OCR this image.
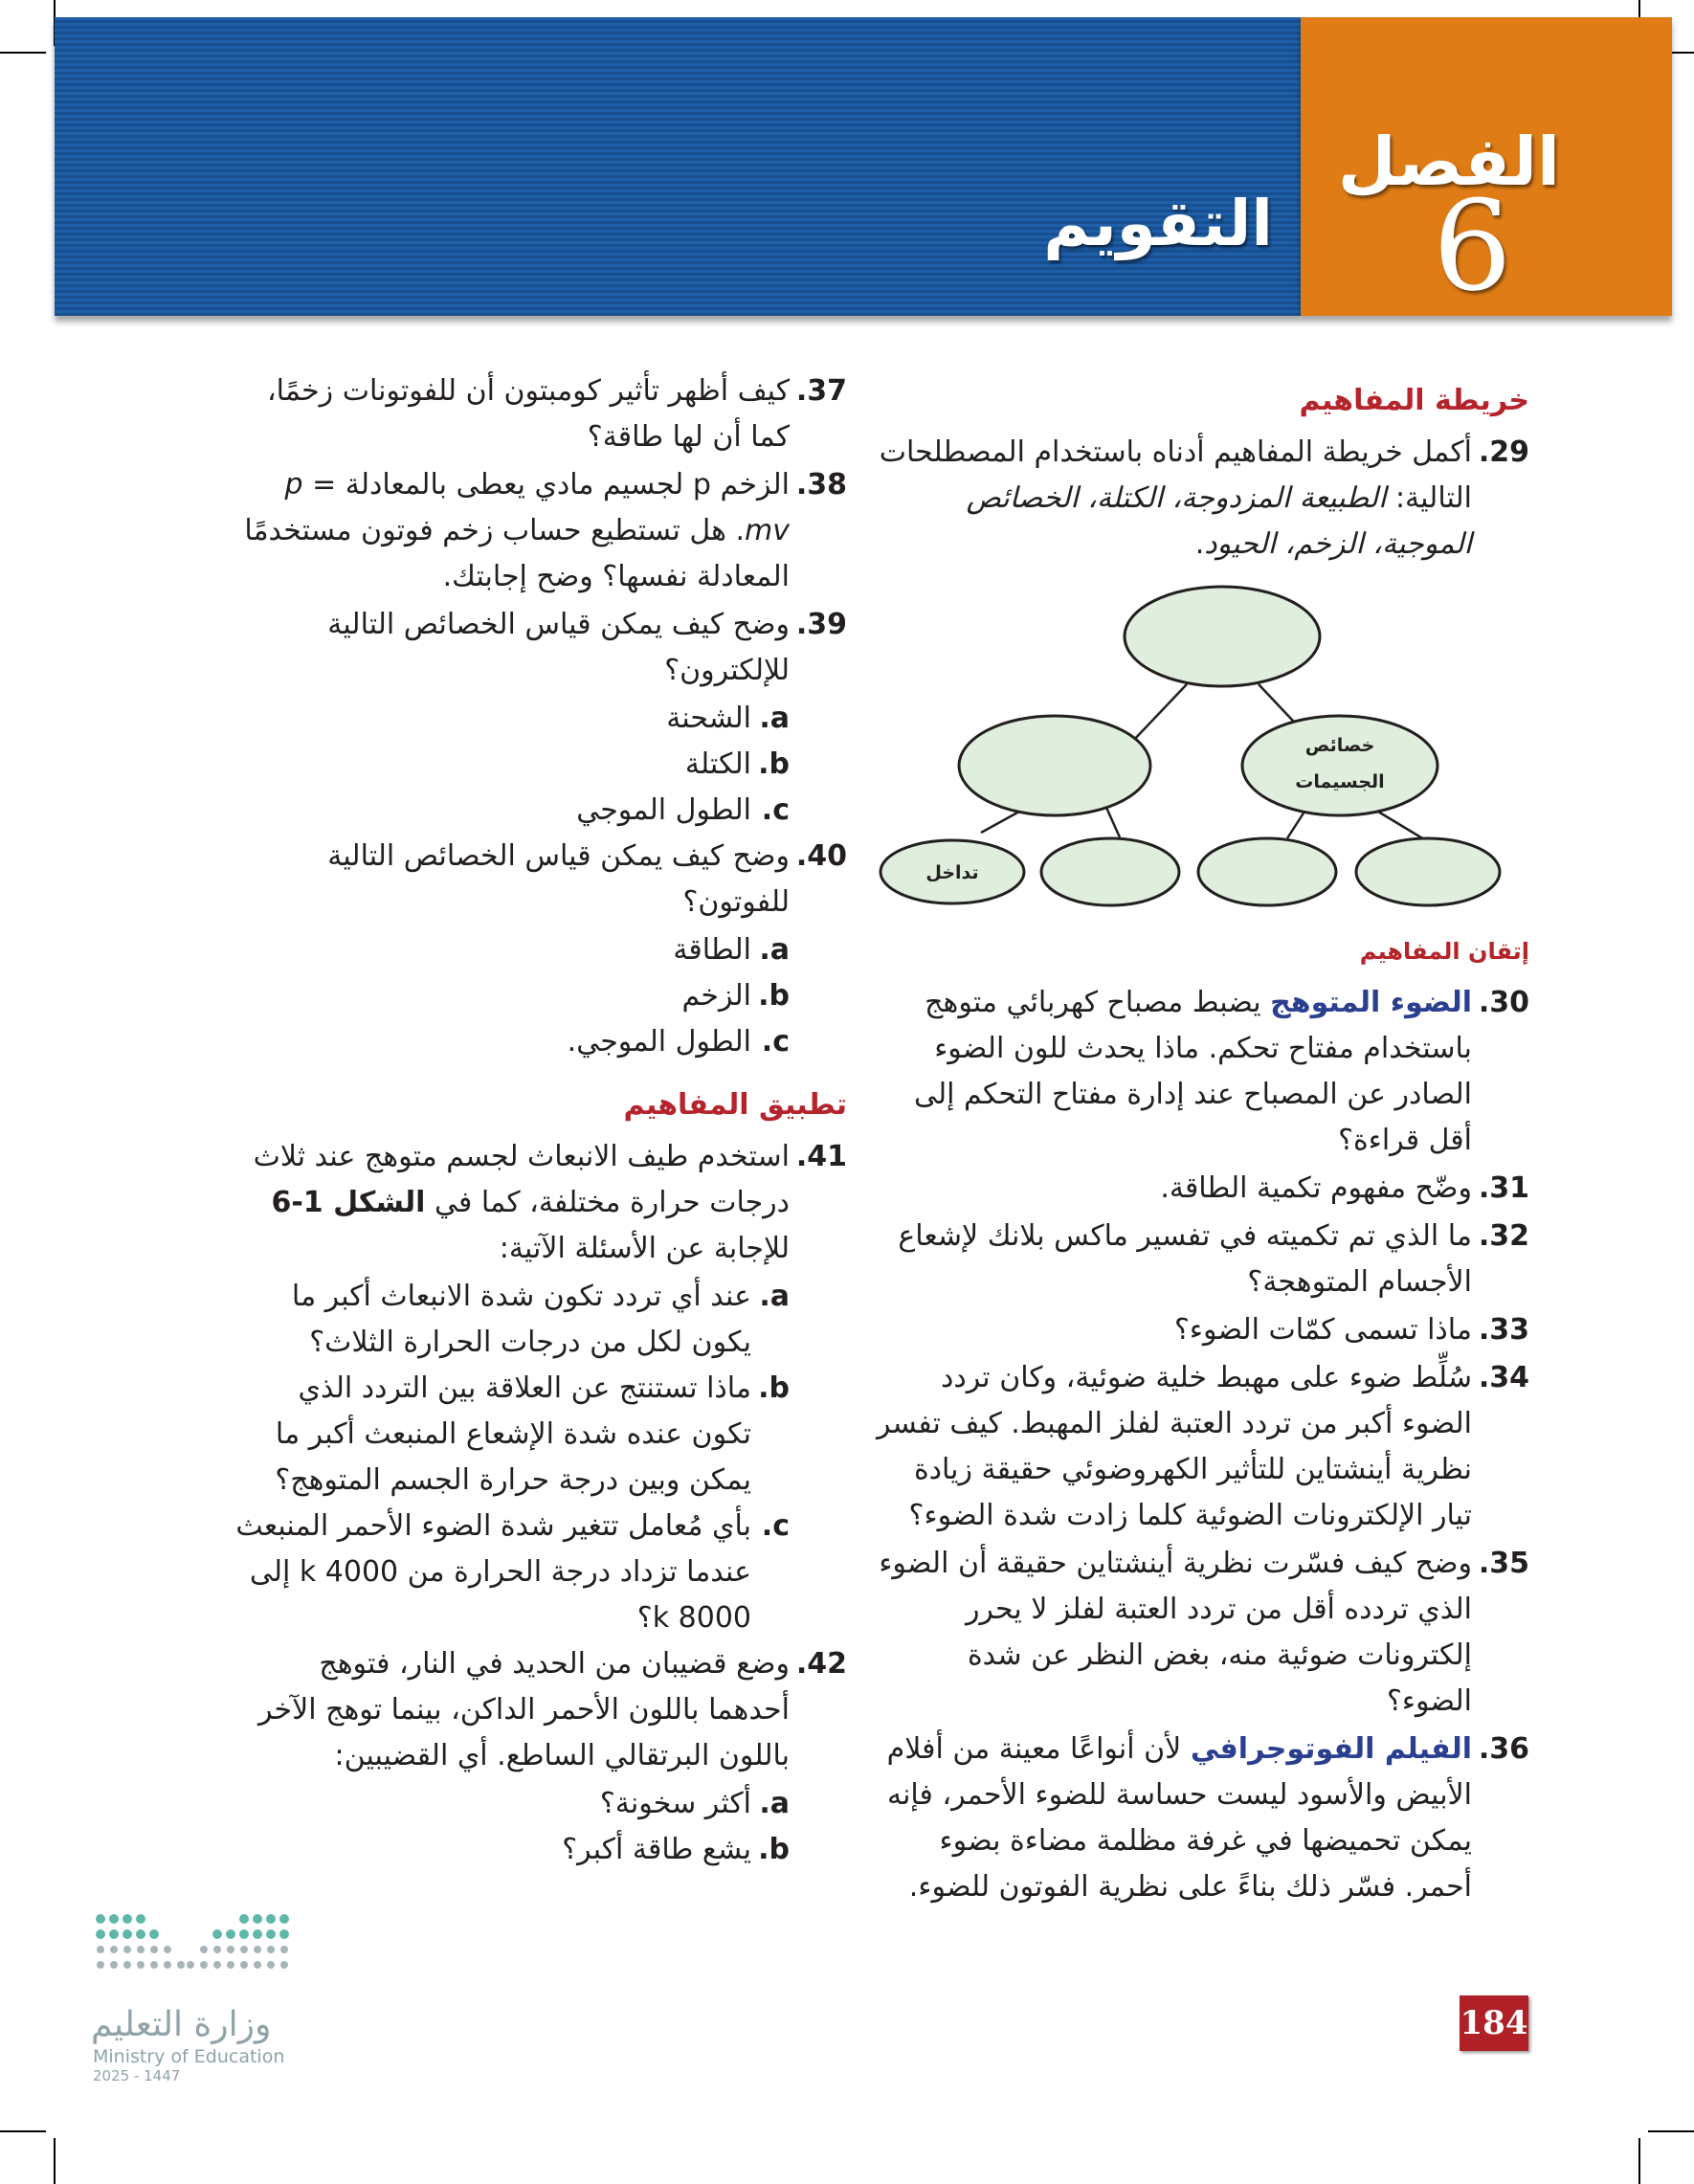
الفصل
6
التقويم
خريطة المفاهيم
29.
أكمل خريطة المفاهيم أدناه باستخدام المصطلحات التالية: الطبيعة المزدوجة، الكتلة، الخصائص الموجية، الزخم، الحيود.
خصائص
الجسيمات
تداخل
إتقان المفاهيم
30.
الضوء المتوهج يضبط مصباح كهربائي متوهج باستخدام مفتاح تحكم. ماذا يحدث للون الضوء الصادر عن المصباح عند إدارة مفتاح التحكم إلى أقل قراءة؟
31.
وضّح مفهوم تكمية الطاقة.
32.
ما الذي تم تكميته في تفسير ماكس بلانك لإشعاع الأجسام المتوهجة؟
33.
ماذا تسمى كمّات الضوء؟
34.
سُلِّط ضوء على مهبط خلية ضوئية، وكان تردد الضوء أكبر من تردد العتبة لفلز المهبط. كيف تفسر نظرية أينشتاين للتأثير الكهروضوئي حقيقة زيادة تيار الإلكترونات الضوئية كلما زادت شدة الضوء؟
35.
وضح كيف فسّرت نظرية أينشتاين حقيقة أن الضوء الذي تردده أقل من تردد العتبة لفلز لا يحرر إلكترونات ضوئية منه، بغض النظر عن شدة الضوء؟
36.
الفيلم الفوتوجرافي لأن أنواعًا معينة من أفلام الأبيض والأسود ليست حساسة للضوء الأحمر، فإنه يمكن تحميضها في غرفة مظلمة مضاءة بضوء أحمر. فسّر ذلك بناءً على نظرية الفوتون للضوء.
37.
كيف أظهر تأثير كومبتون أن للفوتونات زخمًا، كما أن لها طاقة؟
38.
الزخم p لجسيم مادي يعطى بالمعادلة p = mv. هل تستطيع حساب زخم فوتون مستخدمًا المعادلة نفسها؟ وضح إجابتك.
39.
وضح كيف يمكن قياس الخصائص التالية للإلكترون؟
a.
الشحنة
b.
الكتلة
c.
الطول الموجي
40.
وضح كيف يمكن قياس الخصائص التالية للفوتون؟
a.
الطاقة
b.
الزخم
c.
الطول الموجي.
تطبيق المفاهيم
41.
استخدم طيف الانبعاث لجسم متوهج عند ثلاث درجات حرارة مختلفة، كما في الشكل 1-6 للإجابة عن الأسئلة الآتية:
a.
عند أي تردد تكون شدة الانبعاث أكبر ما يكون لكل من درجات الحرارة الثلاث؟
b.
ماذا تستنتج عن العلاقة بين التردد الذي تكون عنده شدة الإشعاع المنبعث أكبر ما يمكن وبين درجة حرارة الجسم المتوهج؟
c.
بأي مُعامل تتغير شدة الضوء الأحمر المنبعث عندما تزداد درجة الحرارة من 4000 k إلى 8000 k؟
42.
وضع قضيبان من الحديد في النار، فتوهج أحدهما باللون الأحمر الداكن، بينما توهج الآخر باللون البرتقالي الساطع. أي القضيبين:
a.
أكثر سخونة؟
b.
يشع طاقة أكبر؟
وزارة التعليم
Ministry of Education
2025 - 1447
184
